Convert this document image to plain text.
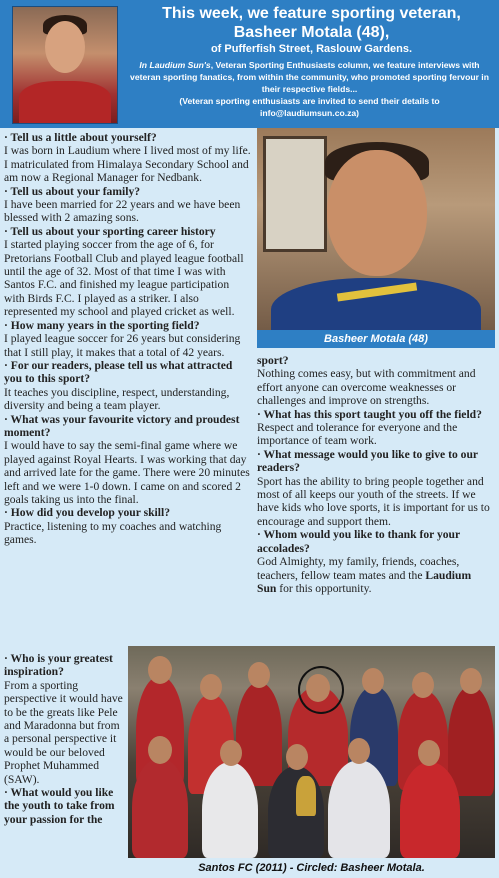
This week, we feature sporting veteran,
Basheer Motala (48),
of Pufferfish Street, Raslouw Gardens.
In Laudium Sun's, Veteran Sporting Enthusiasts column, we feature interviews with veteran sporting fanatics, from within the community, who promoted sporting fervour in their respective fields...
(Veteran sporting enthusiasts are invited to send their details to info@laudiumsun.co.za)
· Tell us a little about yourself?
I was born in Laudium where I lived most of my life. I matriculated from Himalaya Secondary School and am now a Regional Manager for Nedbank.
· Tell us about your family?
I have been married for 22 years and we have been blessed with 2 amazing sons.
· Tell us about your sporting career history
I started playing soccer from the age of 6, for Pretorians Football Club and played league football until the age of 32. Most of that time I was with Santos F.C. and finished my league participation with Birds F.C. I played as a striker. I also represented my school and played cricket as well.
· How many years in the sporting field?
I played league soccer for 26 years but considering that I still play, it makes that a total of 42 years.
· For our readers, please tell us what attracted you to this sport?
It teaches you discipline, respect, understanding, diversity and being a team player.
· What was your favourite victory and proudest moment?
I would have to say the semi-final game where we played against Royal Hearts. I was working that day and arrived late for the game. There were 20 minutes left and we were 1-0 down. I came on and scored 2 goals taking us into the final.
· How did you develop your skill?
Practice, listening to my coaches and watching games.
Basheer Motala (48)
sport?
Nothing comes easy, but with commitment and effort anyone can overcome weaknesses or challenges and improve on strengths.
· What has this sport taught you off the field?
Respect and tolerance for everyone and the importance of team work.
· What message would you like to give to our readers?
Sport has the ability to bring people together and most of all keeps our youth of the streets. If we have kids who love sports, it is important for us to encourage and support them.
· Whom would you like to thank for your accolades?
God Almighty, my family, friends, coaches, teachers, fellow team mates and the Laudium Sun for this opportunity.
· Who is your greatest inspiration?
From a sporting perspective it would have to be the greats like Pele and Maradonna but from a personal perspective it would be our beloved Prophet Muhammed (SAW).
· What would you like the youth to take from your passion for the
Santos FC (2011) - Circled: Basheer Motala.
